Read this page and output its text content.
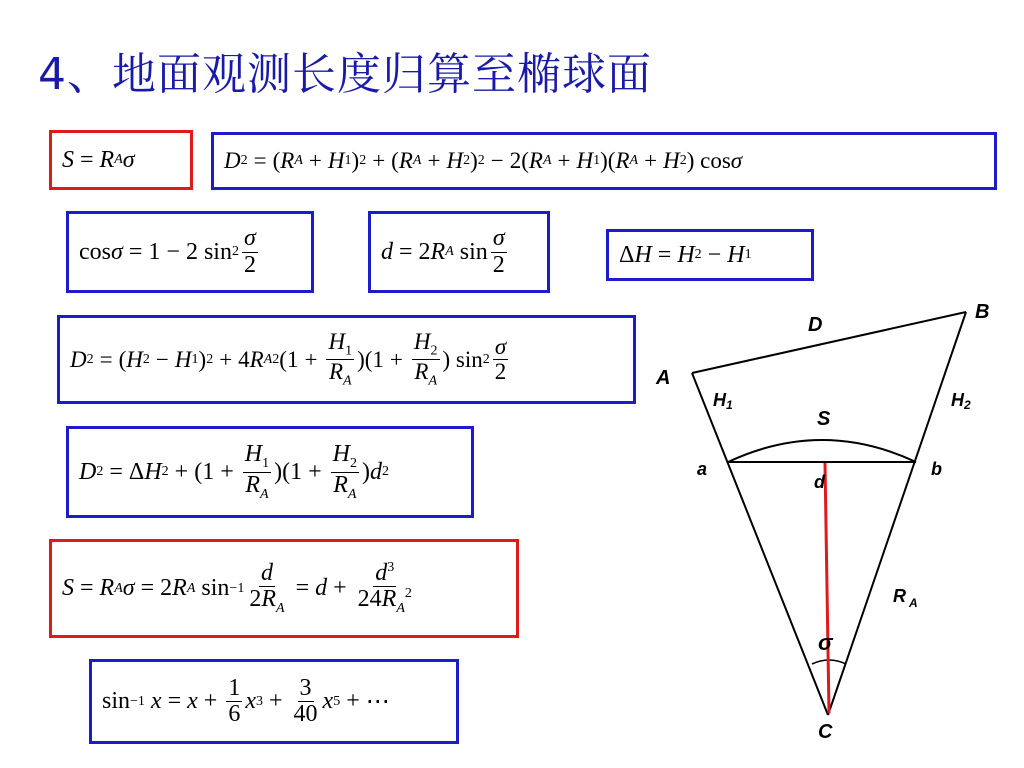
4、地面观测长度归算至椭球面
S = R A σ	D 2 = ( R A + H 1 ) 2 + ( R A + H 2 ) 2 − 2( R A + H 1 )( R A + H 2 ) cos σ
cos σ = 1 − 2 $\sin 2 \frac{\sigma}{2}$	d = 2 R A $\sin \frac{\sigma}{2}$	Δ H = H 2 − H 1
D 2 = ( H 2 − H 1 ) 2 + 4 R A 2 $(1 + \frac{H_1}{R_A} )(1 + \frac{H_2}{R_A}$ ) $\sin 2 \frac{\sigma}{2}$
D 2 = Δ H $2 + (1 + \frac{H_1}{R_A} )(1 + \frac{H_2}{R_A}$ ) d 2
S = R A σ = 2 R A $\sin -1 \frac{d}{2R_A} = d + \frac{d^3}{24R_A^2}$
sin −1 $x = x + \frac{1}{6}$ x $3 + \frac{3}{40}$ x 5 + ⋯
A
B
D
H1	H2
S
a	b
d
R $_A$
σ
C
